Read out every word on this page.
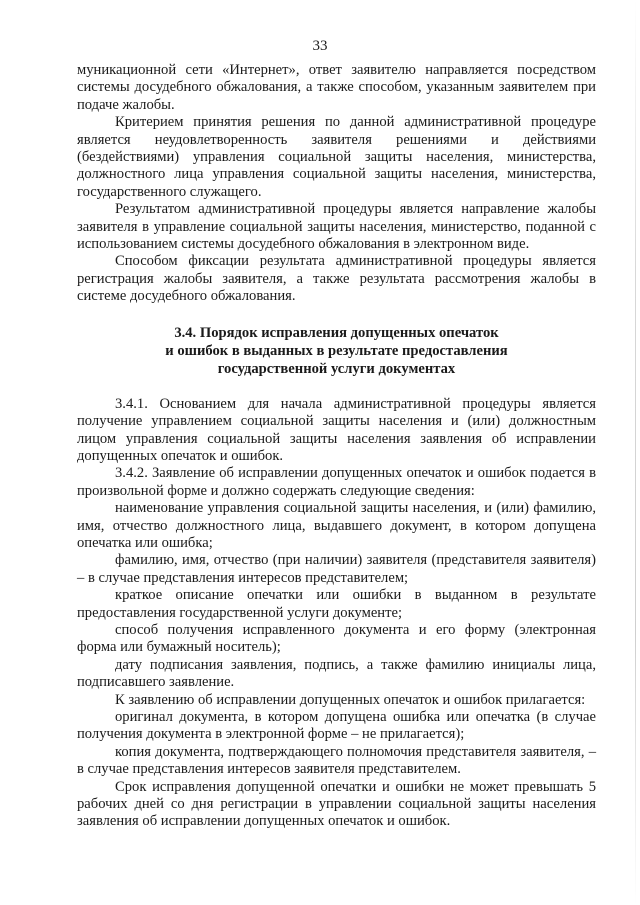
33

муникационной сети «Интернет», ответ заявителю направляется посредством системы досудебного обжалования, а также способом, указанным заявителем при подаче жалобы.

Критерием принятия решения по данной административной процедуре является неудовлетворенность заявителя решениями и действиями (бездействиями) управления социальной защиты населения, министерства, должностного лица управления социальной защиты населения, министерства, государственного служащего.

Результатом административной процедуры является направление жалобы заявителя в управление социальной защиты населения, министерство, поданной с использованием системы досудебного обжалования в электронном виде.

Способом фиксации результата административной процедуры является регистрация жалобы заявителя, а также результата рассмотрения жалобы в системе досудебного обжалования.

3.4. Порядок исправления допущенных опечаток
и ошибок в выданных в результате предоставления
государственной услуги документах

3.4.1. Основанием для начала административной процедуры является получение управлением социальной защиты населения и (или) должностным лицом управления социальной защиты населения заявления об исправлении допущенных опечаток и ошибок.

3.4.2. Заявление об исправлении допущенных опечаток и ошибок подается в произвольной форме и должно содержать следующие сведения:

наименование управления социальной защиты населения, и (или) фамилию, имя, отчество должностного лица, выдавшего документ, в котором допущена опечатка или ошибка;

фамилию, имя, отчество (при наличии) заявителя (представителя заявителя) – в случае представления интересов представителем;

краткое описание опечатки или ошибки в выданном в результате предоставления государственной услуги документе;

способ получения исправленного документа и его форму (электронная форма или бумажный носитель);

дату подписания заявления, подпись, а также фамилию инициалы лица, подписавшего заявление.

К заявлению об исправлении допущенных опечаток и ошибок прилагается:

оригинал документа, в котором допущена ошибка или опечатка (в случае получения документа в электронной форме – не прилагается);

копия документа, подтверждающего полномочия представителя заявителя, – в случае представления интересов заявителя представителем.

Срок исправления допущенной опечатки и ошибки не может превышать 5 рабочих дней со дня регистрации в управлении социальной защиты населения заявления об исправлении допущенных опечаток и ошибок.
